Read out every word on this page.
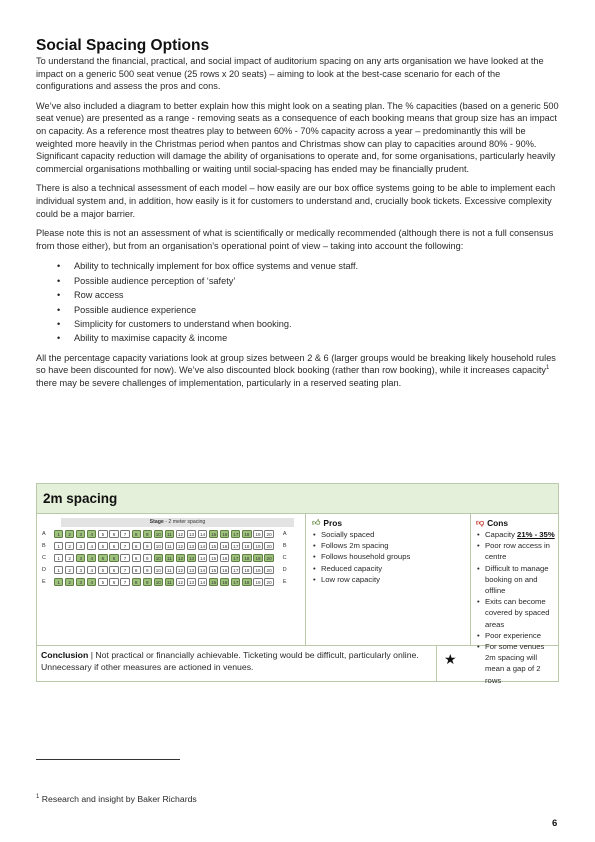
Social Spacing Options

To understand the financial, practical, and social impact of auditorium spacing on any arts organisation we have looked at the impact on a generic 500 seat venue (25 rows x 20 seats) – aiming to look at the best-case scenario for each of the configurations and assess the pros and cons.

We’ve also included a diagram to better explain how this might look on a seating plan. The % capacities (based on a generic 500 seat venue) are presented as a range - removing seats as a consequence of each booking means that group size has an impact on capacity. As a reference most theatres play to between 60% - 70% capacity across a year – predominantly this will be weighted more heavily in the Christmas period when pantos and Christmas show can play to capacities around 80% - 90%. Significant capacity reduction will damage the ability of organisations to operate and, for some organisations, particularly heavily commercial organisations mothballing or waiting until social-spacing has ended may be financially prudent.

There is also a technical assessment of each model – how easily are our box office systems going to be able to implement each individual system and, in addition, how easily is it for customers to understand and, crucially book tickets. Excessive complexity could be a major barrier.

Please note this is not an assessment of what is scientifically or medically recommended (although there is not a full consensus from those either), but from an organisation’s operational point of view – taking into account the following:

• Ability to technically implement for box office systems and venue staff.
• Possible audience perception of ‘safety’
• Row access
• Possible audience experience
• Simplicity for customers to understand when booking.
• Ability to maximise capacity & income

All the percentage capacity variations look at group sizes between 2 & 6 (larger groups would be breaking likely household rules so have been discounted for now). We’ve also discounted block booking (rather than row booking), while it increases capacity$^1$ there may be severe challenges of implementation, particularly in a reserved seating plan.

2m spacing
Stage - 2 meter spacing
A	1	2	3	4	5	6	7	8	9	10	11	12	13	14	15	16	17	18	19	20	A
B	1	2	3	4	5	6	7	8	9	10	11	12	13	14	15	16	17	18	19	20	B
C	1	2	3	4	5	6	7	8	9	10	11	12	13	14	15	16	17	18	19	20	C
D	1	2	3	4	5	6	7	8	9	10	11	12	13	14	15	16	17	18	19	20	D
E	1	2	3	4	5	6	7	8	9	10	11	12	13	14	15	16	17	18	19	20	E
👍︎ Pros
• Socially spaced
• Follows 2m spacing
• Follows household groups
• Reduced capacity
• Low row capacity
👎︎ Cons
• Capacity 21% - 35%
• Poor row access in centre
• Difficult to manage booking on and offline
• Exits can become covered by spaced areas
• Poor experience
• For some venues 2m spacing will mean a gap of 2 rows
Conclusion | Not practical or financially achievable. Ticketing would be difficult, particularly online. Unnecessary if other measures are actioned in venues.	★
$^1$ Research and insight by Baker Richards
6
